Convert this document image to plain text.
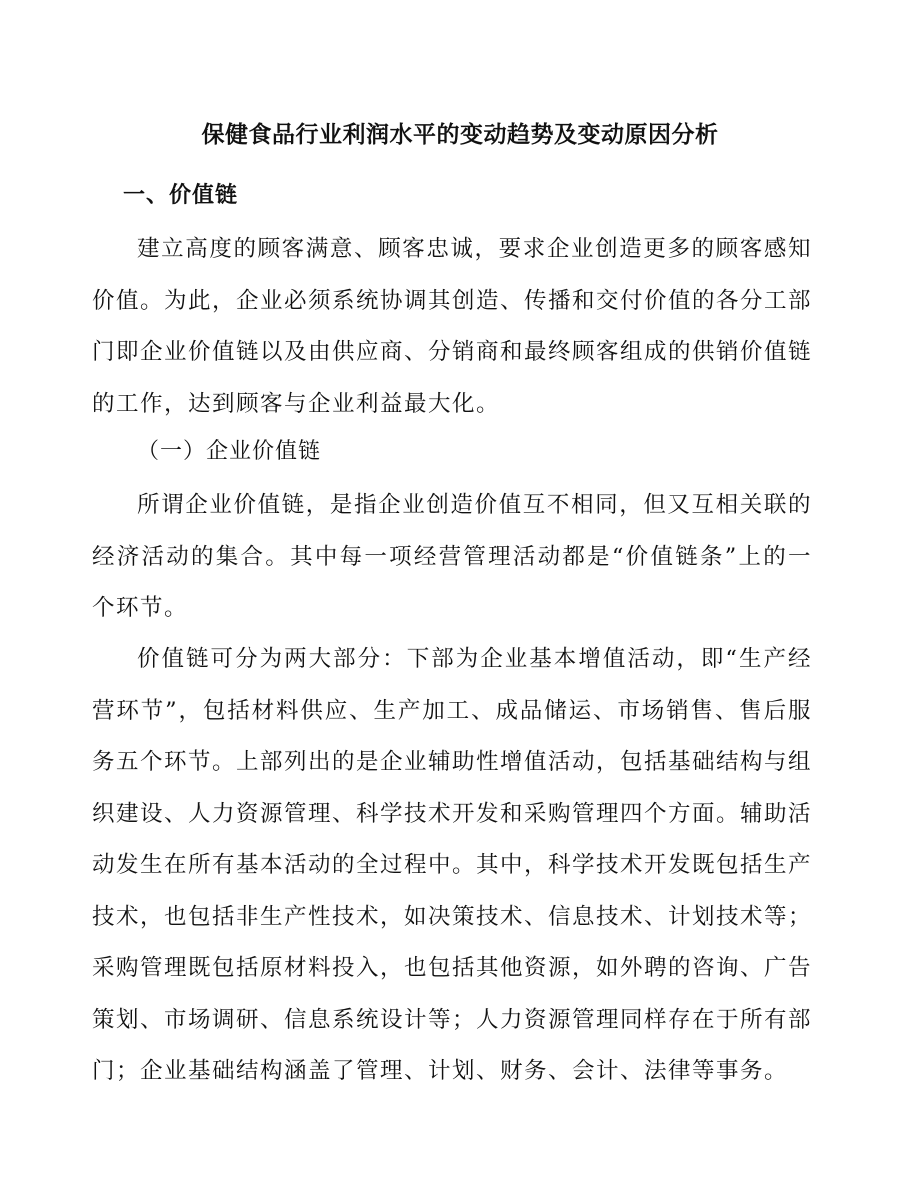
保健食品行业利润水平的变动趋势及变动原因分析
一、价值链

建立高度的顾客满意、顾客忠诚，要求企业创造更多的顾客感知价值。为此，企业必须系统协调其创造、传播和交付价值的各分工部门即企业价值链以及由供应商、分销商和最终顾客组成的供销价值链的工作，达到顾客与企业利益最大化。

（一）企业价值链

所谓企业价值链，是指企业创造价值互不相同，但又互相关联的经济活动的集合。其中每一项经营管理活动都是“价值链条”上的一个环节。

价值链可分为两大部分：下部为企业基本增值活动，即“生产经营环节”，包括材料供应、生产加工、成品储运、市场销售、售后服务五个环节。上部列出的是企业辅助性增值活动，包括基础结构与组织建设、人力资源管理、科学技术开发和采购管理四个方面。辅助活动发生在所有基本活动的全过程中。其中，科学技术开发既包括生产技术，也包括非生产性技术，如决策技术、信息技术、计划技术等；采购管理既包括原材料投入，也包括其他资源，如外聘的咨询、广告策划、市场调研、信息系统设计等；人力资源管理同样存在于所有部门；企业基础结构涵盖了管理、计划、财务、会计、法律等事务。
